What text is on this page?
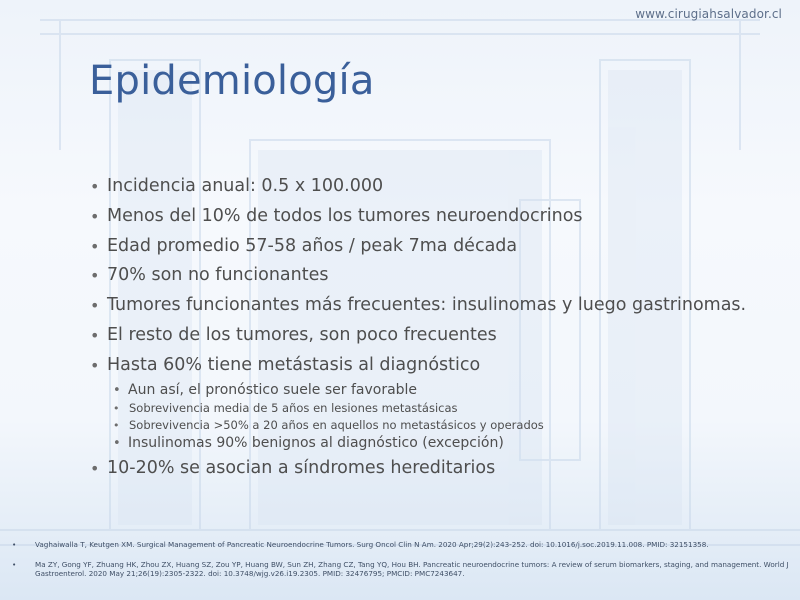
www.cirugiahsalvador.cl
Epidemiología
• Incidencia anual: 0.5 x 100.000
• Menos del 10% de todos los tumores neuroendocrinos
• Edad promedio 57-58 años / peak 7ma década
• 70% son no funcionantes
• Tumores funcionantes más frecuentes: insulinomas y luego gastrinomas.
• El resto de los tumores, son poco frecuentes
• Hasta 60% tiene metástasis al diagnóstico
• Aun así, el pronóstico suele ser favorable
• Sobrevivencia media de 5 años en lesiones metastásicas
• Sobrevivencia >50% a 20 años en aquellos no metastásicos y operados
• Insulinomas 90% benignos al diagnóstico (excepción)
• 10-20% se asocian a síndromes hereditarios
• Vaghaiwalla T, Keutgen XM. Surgical Management of Pancreatic Neuroendocrine Tumors. Surg Oncol Clin N Am. 2020 Apr;29(2):243-252. doi: 10.1016/j.soc.2019.11.008. PMID: 32151358.
• Ma ZY, Gong YF, Zhuang HK, Zhou ZX, Huang SZ, Zou YP, Huang BW, Sun ZH, Zhang CZ, Tang YQ, Hou BH. Pancreatic neuroendocrine tumors: A review of serum biomarkers, staging, and management. World J Gastroenterol. 2020 May 21;26(19):2305-2322. doi: 10.3748/wjg.v26.i19.2305. PMID: 32476795; PMCID: PMC7243647.
